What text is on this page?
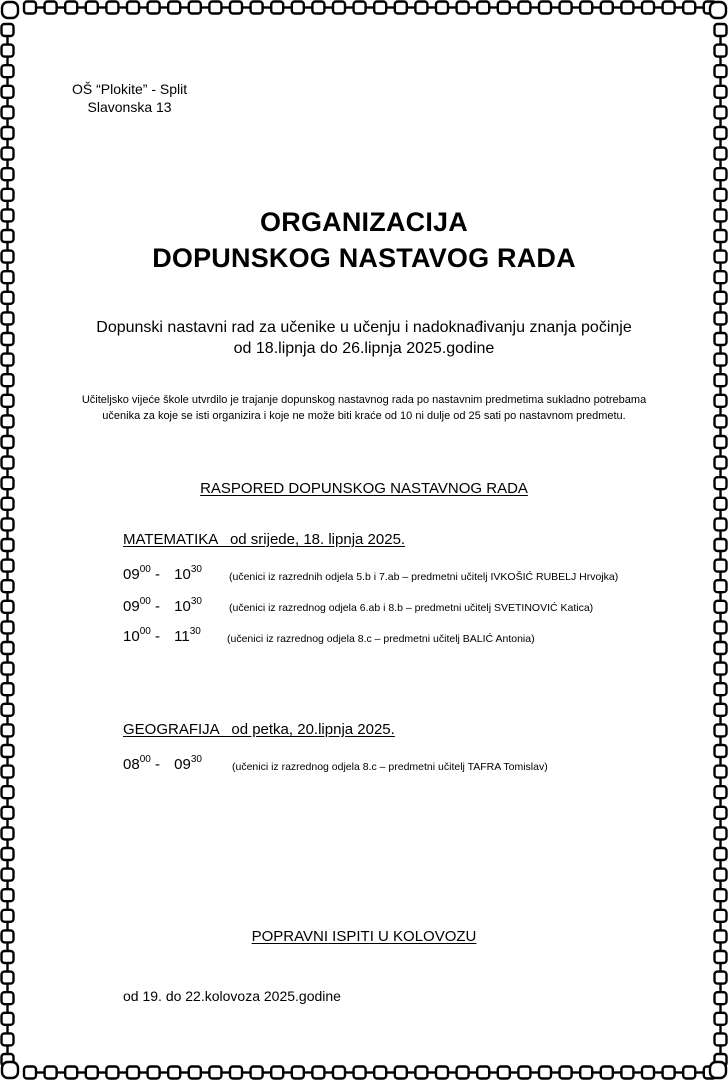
OŠ “Plokite” - Split
Slavonska 13
ORGANIZACIJA
DOPUNSKOG NASTAVOG RADA
Dopunski nastavni rad za učenike u učenju i nadoknađivanju znanja počinje
od 18.lipnja do 26.lipnja 2025.godine
Učiteljsko vijeće škole utvrdilo je trajanje dopunskog nastavnog rada po nastavnim predmetima sukladno potrebama
učenika za koje se isti organizira i koje ne može biti kraće od 10 ni dulje od 25 sati po nastavnom predmetu.
RASPORED DOPUNSKOG NASTAVNOG RADA
MATEMATIKA   od srijede, 18. lipnja 2025.
$09^{00} - 10^{30}$
(učenici iz razrednih odjela 5.b i 7.ab – predmetni učitelj IVKOŠIĆ RUBELJ Hrvojka)
$09^{00} - 10^{30}$
(učenici iz razrednog odjela 6.ab i 8.b – predmetni učitelj SVETINOVIĆ Katica)
$10^{00} - 11^{30}$
(učenici iz razrednog odjela 8.c – predmetni učitelj BALIĆ Antonia)
GEOGRAFIJA   od petka, 20.lipnja 2025.
$08^{00} - 09^{30}$
(učenici iz razrednog odjela 8.c – predmetni učitelj TAFRA Tomislav)
POPRAVNI ISPITI U KOLOVOZU
od 19. do 22.kolovoza 2025.godine
